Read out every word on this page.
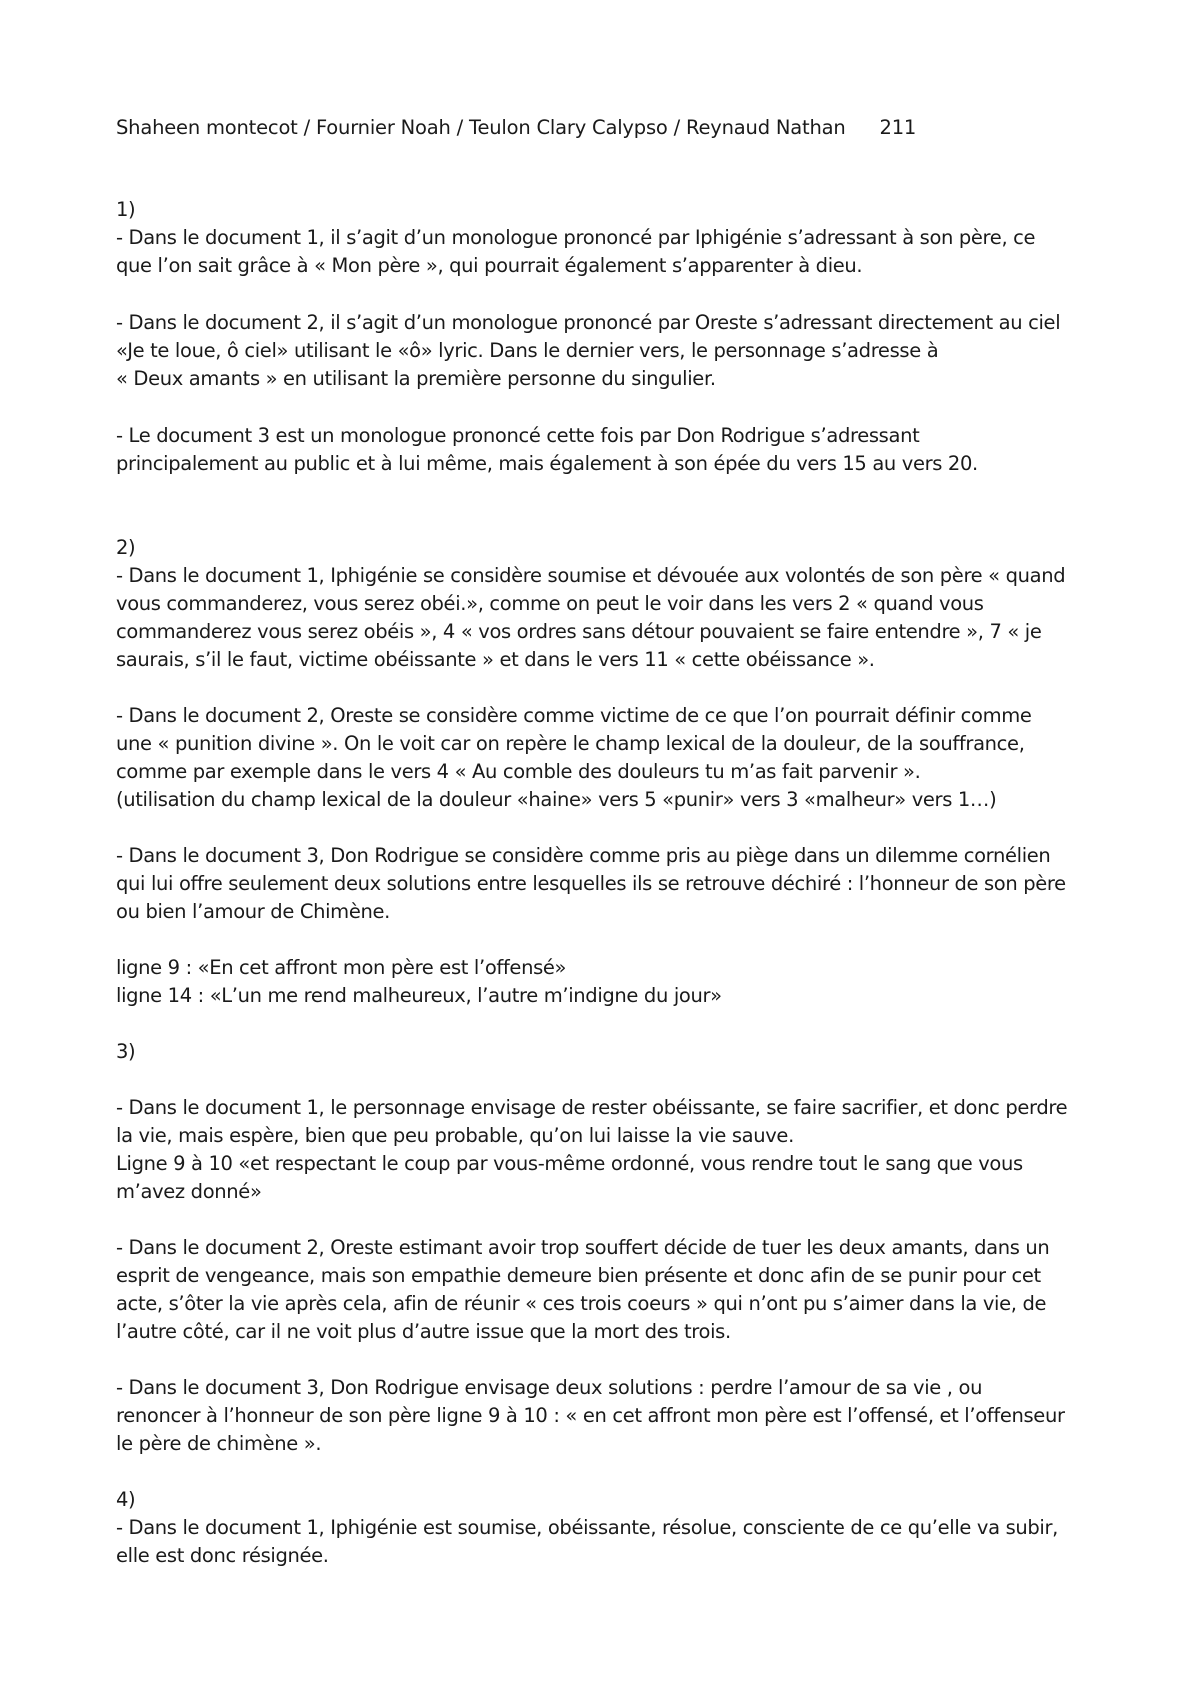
Shaheen montecot / Fournier Noah / Teulon Clary Calypso / Reynaud Nathan 211
1)
- Dans le document 1, il s’agit d’un monologue prononcé par Iphigénie s’adressant à son père, ce
que l’on sait grâce à « Mon père », qui pourrait également s’apparenter à dieu.
- Dans le document 2, il s’agit d’un monologue prononcé par Oreste s’adressant directement au ciel
«Je te loue, ô ciel» utilisant le «ô» lyric. Dans le dernier vers, le personnage s’adresse à
« Deux amants » en utilisant la première personne du singulier.
- Le document 3 est un monologue prononcé cette fois par Don Rodrigue s’adressant
principalement au public et à lui même, mais également à son épée du vers 15 au vers 20.
2)
- Dans le document 1, Iphigénie se considère soumise et dévouée aux volontés de son père « quand
vous commanderez, vous serez obéi.», comme on peut le voir dans les vers 2 « quand vous
commanderez vous serez obéis », 4 « vos ordres sans détour pouvaient se faire entendre », 7 « je
saurais, s’il le faut, victime obéissante » et dans le vers 11 « cette obéissance ».
- Dans le document 2, Oreste se considère comme victime de ce que l’on pourrait définir comme
une « punition divine ». On le voit car on repère le champ lexical de la douleur, de la souffrance,
comme par exemple dans le vers 4 « Au comble des douleurs tu m’as fait parvenir ».
(utilisation du champ lexical de la douleur «haine» vers 5 «punir» vers 3 «malheur» vers 1…)
- Dans le document 3, Don Rodrigue se considère comme pris au piège dans un dilemme cornélien
qui lui offre seulement deux solutions entre lesquelles ils se retrouve déchiré : l’honneur de son père
ou bien l’amour de Chimène.
ligne 9 : «En cet affront mon père est l’offensé»
ligne 14 : «L’un me rend malheureux, l’autre m’indigne du jour»
3)
- Dans le document 1, le personnage envisage de rester obéissante, se faire sacrifier, et donc perdre
la vie, mais espère, bien que peu probable, qu’on lui laisse la vie sauve.
Ligne 9 à 10 «et respectant le coup par vous-même ordonné, vous rendre tout le sang que vous
m’avez donné»
- Dans le document 2, Oreste estimant avoir trop souffert décide de tuer les deux amants, dans un
esprit de vengeance, mais son empathie demeure bien présente et donc afin de se punir pour cet
acte, s’ôter la vie après cela, afin de réunir « ces trois coeurs » qui n’ont pu s’aimer dans la vie, de
l’autre côté, car il ne voit plus d’autre issue que la mort des trois.
- Dans le document 3, Don Rodrigue envisage deux solutions : perdre l’amour de sa vie , ou
renoncer à l’honneur de son père ligne 9 à 10 : « en cet affront mon père est l’offensé, et l’offenseur
le père de chimène ».
4)
- Dans le document 1, Iphigénie est soumise, obéissante, résolue, consciente de ce qu’elle va subir,
elle est donc résignée.
